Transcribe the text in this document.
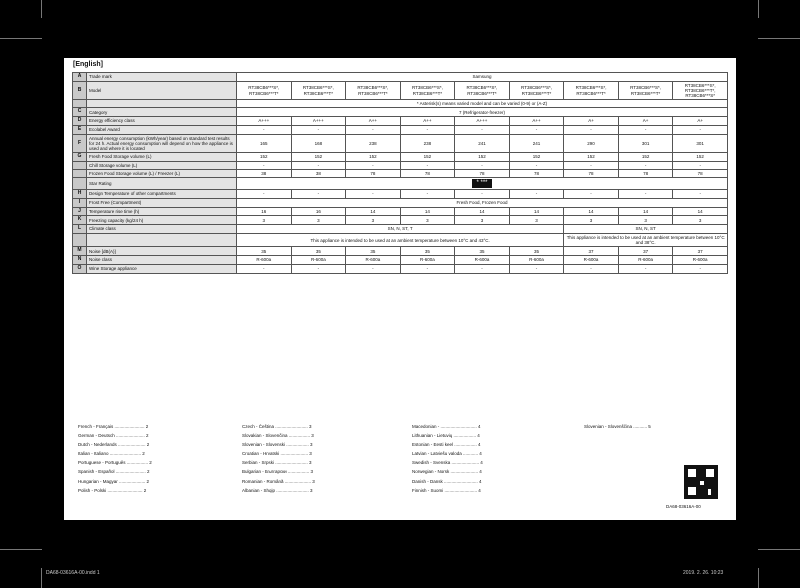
[English]
A	Trade mark	Samsung								
B	Model	RT38CB6***S*, RT38CB6***T*	RT38CB6***S*, RT38CB6***T*	RT38CB6***S*, RT38CB6***T*	RT38CB6***S*, RT38CB6***T*	RT38CB6***S*, RT38CB6***T*	RT38CB6***S*, RT38CB6***T*	RT38CB6***S*, RT38CB6***T*	RT38CB6***S*, RT38CB6***T*	RT38CB6***S*, RT38CB6***T*, RT38CB6***S*
		* Asterisk(s) means varied model and can be varied (0-9) or (A-Z)								
C	Category	7 (Refrigerator-freezer)								
D	Energy efficiency class	A+++	A+++	A++	A++	A+++	A++	A+	A+	A+
E	Ecolabel Award	-	-	-	-	-	-	-	-	-
F	Annual energy consumption (kWh/year) based on standard test results for 24 h. Actual energy consumption will depend on how the appliance is used and where it is located	165	168	238	238	241	241	290	301	301
G	Fresh Food Storage volume (L)	152	152	152	152	152	152	152	152	152
	Chill Storage volume (L)	-	-	-	-	-	-	-	-	-
	Frozen Food Storage volume (L) / Freezer (L)	38	38	78	78	78	78	78	78	78
	Star Rating	* ***								
H	Design Temperature of other compartments	-	-	-	-	-	-	-	-	-
I	Frost Free (Compartment)	Fresh Food, Frozen Food								
J	Temperature rise time (h)	16	16	14	14	14	14	14	14	14
K	Freezing capacity (kg/24 h)	3	3	3	3	3	3	3	3	3
L	Climate class	SN, N, ST, T						SN, N, ST		
		This appliance is intended to be used at an ambient temperature between 10°C and 43°C.						This appliance is intended to be used at an ambient temperature between 10°C and 38°C.		
M	Noise [dB(A)]	35	35	35	35	35	35	37	37	37
N	Noise class	R-600a	R-600a	R-600a	R-600a	R-600a	R-600a	R-600a	R-600a	R-600a
O	Wine Storage appliance	-	-	-	-	-	-	-	-	-
French - Français ........................ 2
German - Deutsch ....................... 2
Dutch - Nederlands ...................... 2
Italian - Italiano ......................... 2
Portuguese - Português ................. 2
Spanish - Español ........................ 2
Hungarian - Magyar ..................... 2
Polish - Polski ............................ 2
Czech - Čeština .......................... 3
Slovakian - Slovenčina ................. 3
Slovenian - Slovenski .................. 3
Croatian - Hrvatski ...................... 3
Serbian - Srpski .......................... 3
Bulgarian - Български ................. 3
Romanian - Română ..................... 3
Albanian - Shqip .......................... 3
Macedonian - ............................. 4
Lithuanian - Lietuvių .................. 4
Estonian - Eesti keel .................. 4
Latvian - Latviešu valoda ............ 4
Swedish - Svenska ...................... 4
Norwegian - Norsk ...................... 4
Danish - Dansk ........................... 4
Finnish - Suomi .......................... 4
Slovenian - Slovenščina ........... 5
DA68-03616A-00
DA68-03616A-00.indd 1	2019. 2. 26. 10:23
